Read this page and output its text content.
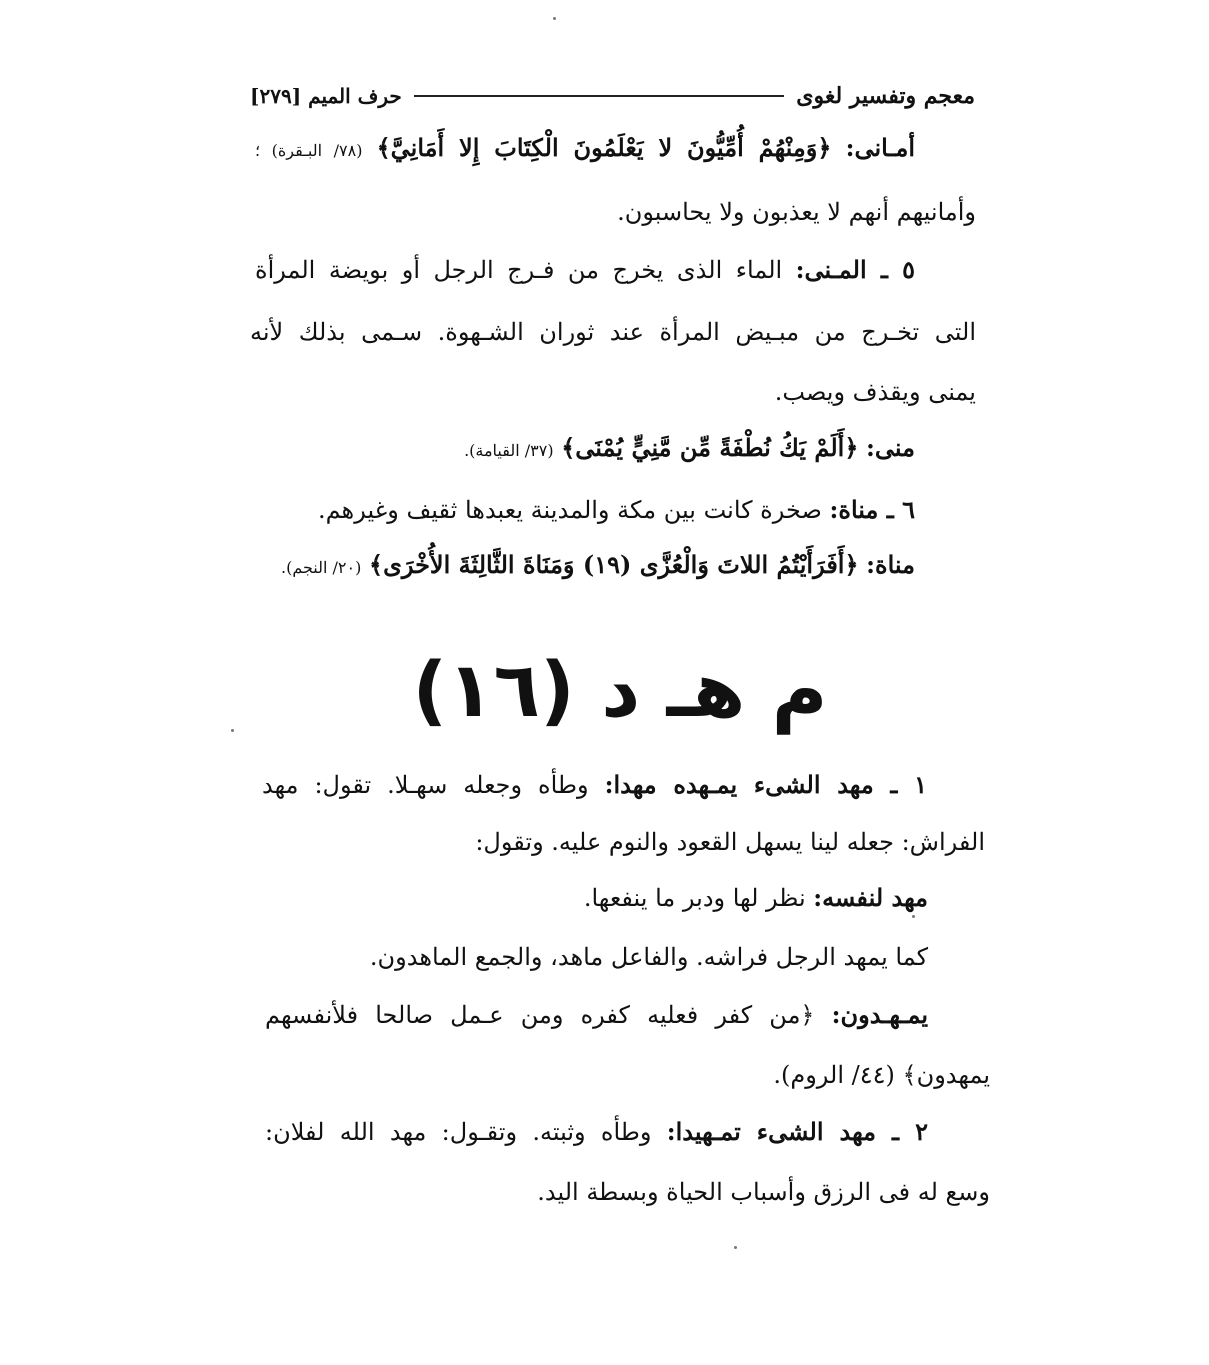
معجم وتفسير لغوى
حرف الميم [٢٧٩]
أمـانى: ﴿وَمِنْهُمْ أُمِّيُّونَ لا يَعْلَمُونَ الْكِتَابَ إِلا أَمَانِيَّ﴾ (٧٨/ البـقرة) ؛
وأمانيهم أنهم لا يعذبون ولا يحاسبون.
٥ ـ المـنى: الماء الذى يخرج من فـرج الرجل أو بويضة المرأة
التى تخـرج من مبـيض المرأة عند ثوران الشـهوة. سـمى بذلك لأنه
يمنى ويقذف ويصب.
منى: ﴿أَلَمْ يَكُ نُطْفَةً مِّن مَّنِيٍّ يُمْنَى﴾ (٣٧/ القيامة).
٦ ـ مناة: صخرة كانت بين مكة والمدينة يعبدها ثقيف وغيرهم.
مناة: ﴿أَفَرَأَيْتُمُ اللاتَ وَالْعُزَّى (١٩) وَمَنَاةَ الثَّالِثَةَ الأُخْرَى﴾ (٢٠/ النجم).
م هـ د (١٦)
١ ـ مهد الشىء يمـهده مهدا: وطأه وجعله سهـلا. تقول: مهد
الفراش: جعله لينا يسهل القعود والنوم عليه. وتقول:
مهد لنفسه: نظر لها ودبر ما ينفعها.
كما يمهد الرجل فراشه. والفاعل ماهد، والجمع الماهدون.
يمـهـدون: ﴿من كفر فعليه كفره ومن عـمل صالحا فلأنفسهم
يمهدون﴾ (٤٤/ الروم).
٢ ـ مهد الشىء تمـهيدا: وطأه وثبته. وتقـول: مهد الله لفلان:
وسع له فى الرزق وأسباب الحياة وبسطة اليد.
